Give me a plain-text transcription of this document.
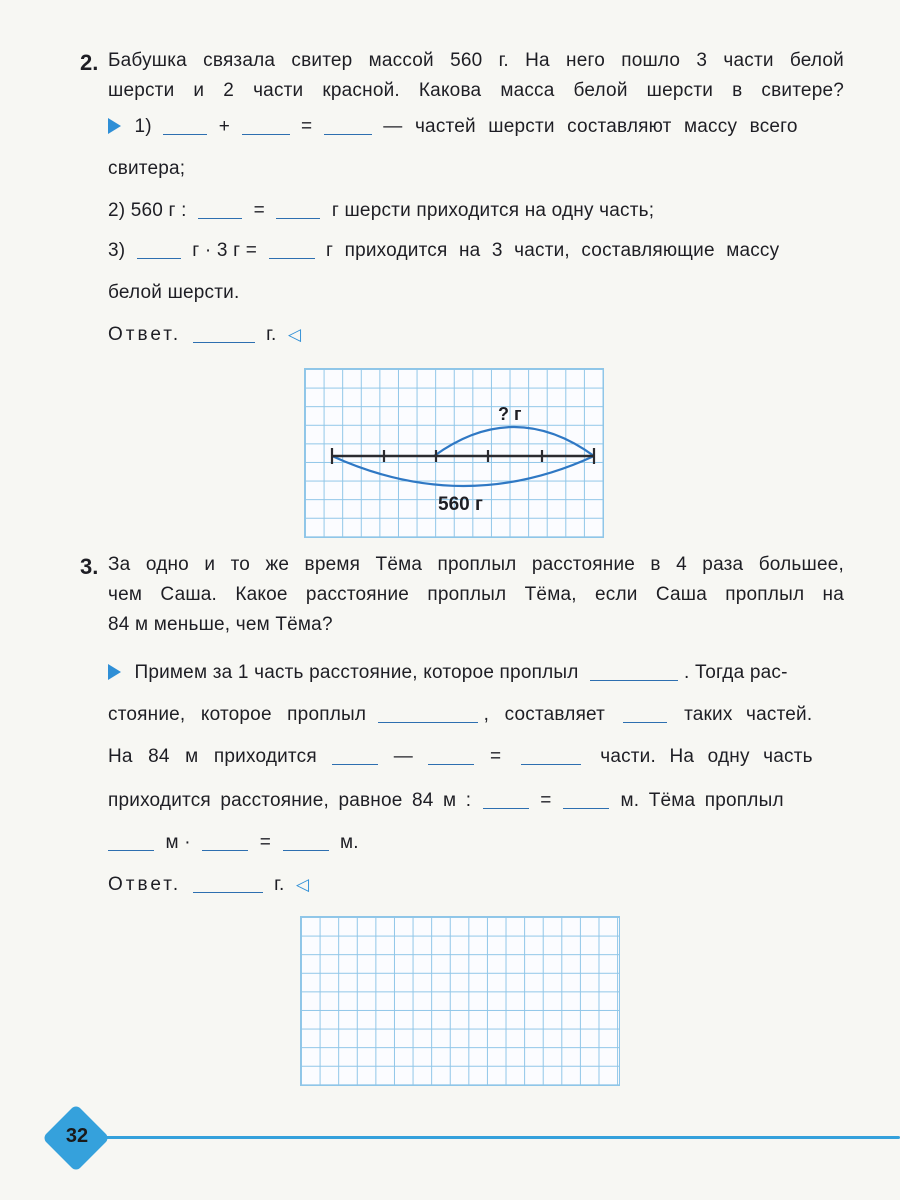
2. Бабушка связала свитер массой 560 г. На него пошло 3 части белой
шерсти и 2 части красной. Какова масса белой шерсти в свитере?
1)	+	=	— частей шерсти составляют массу всего
свитера;
2) 560 г :	=	г шерсти приходится на одну часть;
3)	г · 3 г =	г приходится на 3 части, составляющие массу
белой шерсти.
Ответ.	г. ◁
? г
560 г
3. За одно и то же время Тёма проплыл расстояние в 4 раза большее,
чем Саша. Какое расстояние проплыл Тёма, если Саша проплыл на
84 м меньше, чем Тёма?
Примем за 1 часть расстояние, которое проплыл	. Тогда рас-
стояние, которое проплыл	, составляет	таких частей.
На 84 м приходится	—	=	части. На одну часть
приходится расстояние, равное 84 м :	=	м. Тёма проплыл
м ·	=	м.
Ответ.	г. ◁
32
